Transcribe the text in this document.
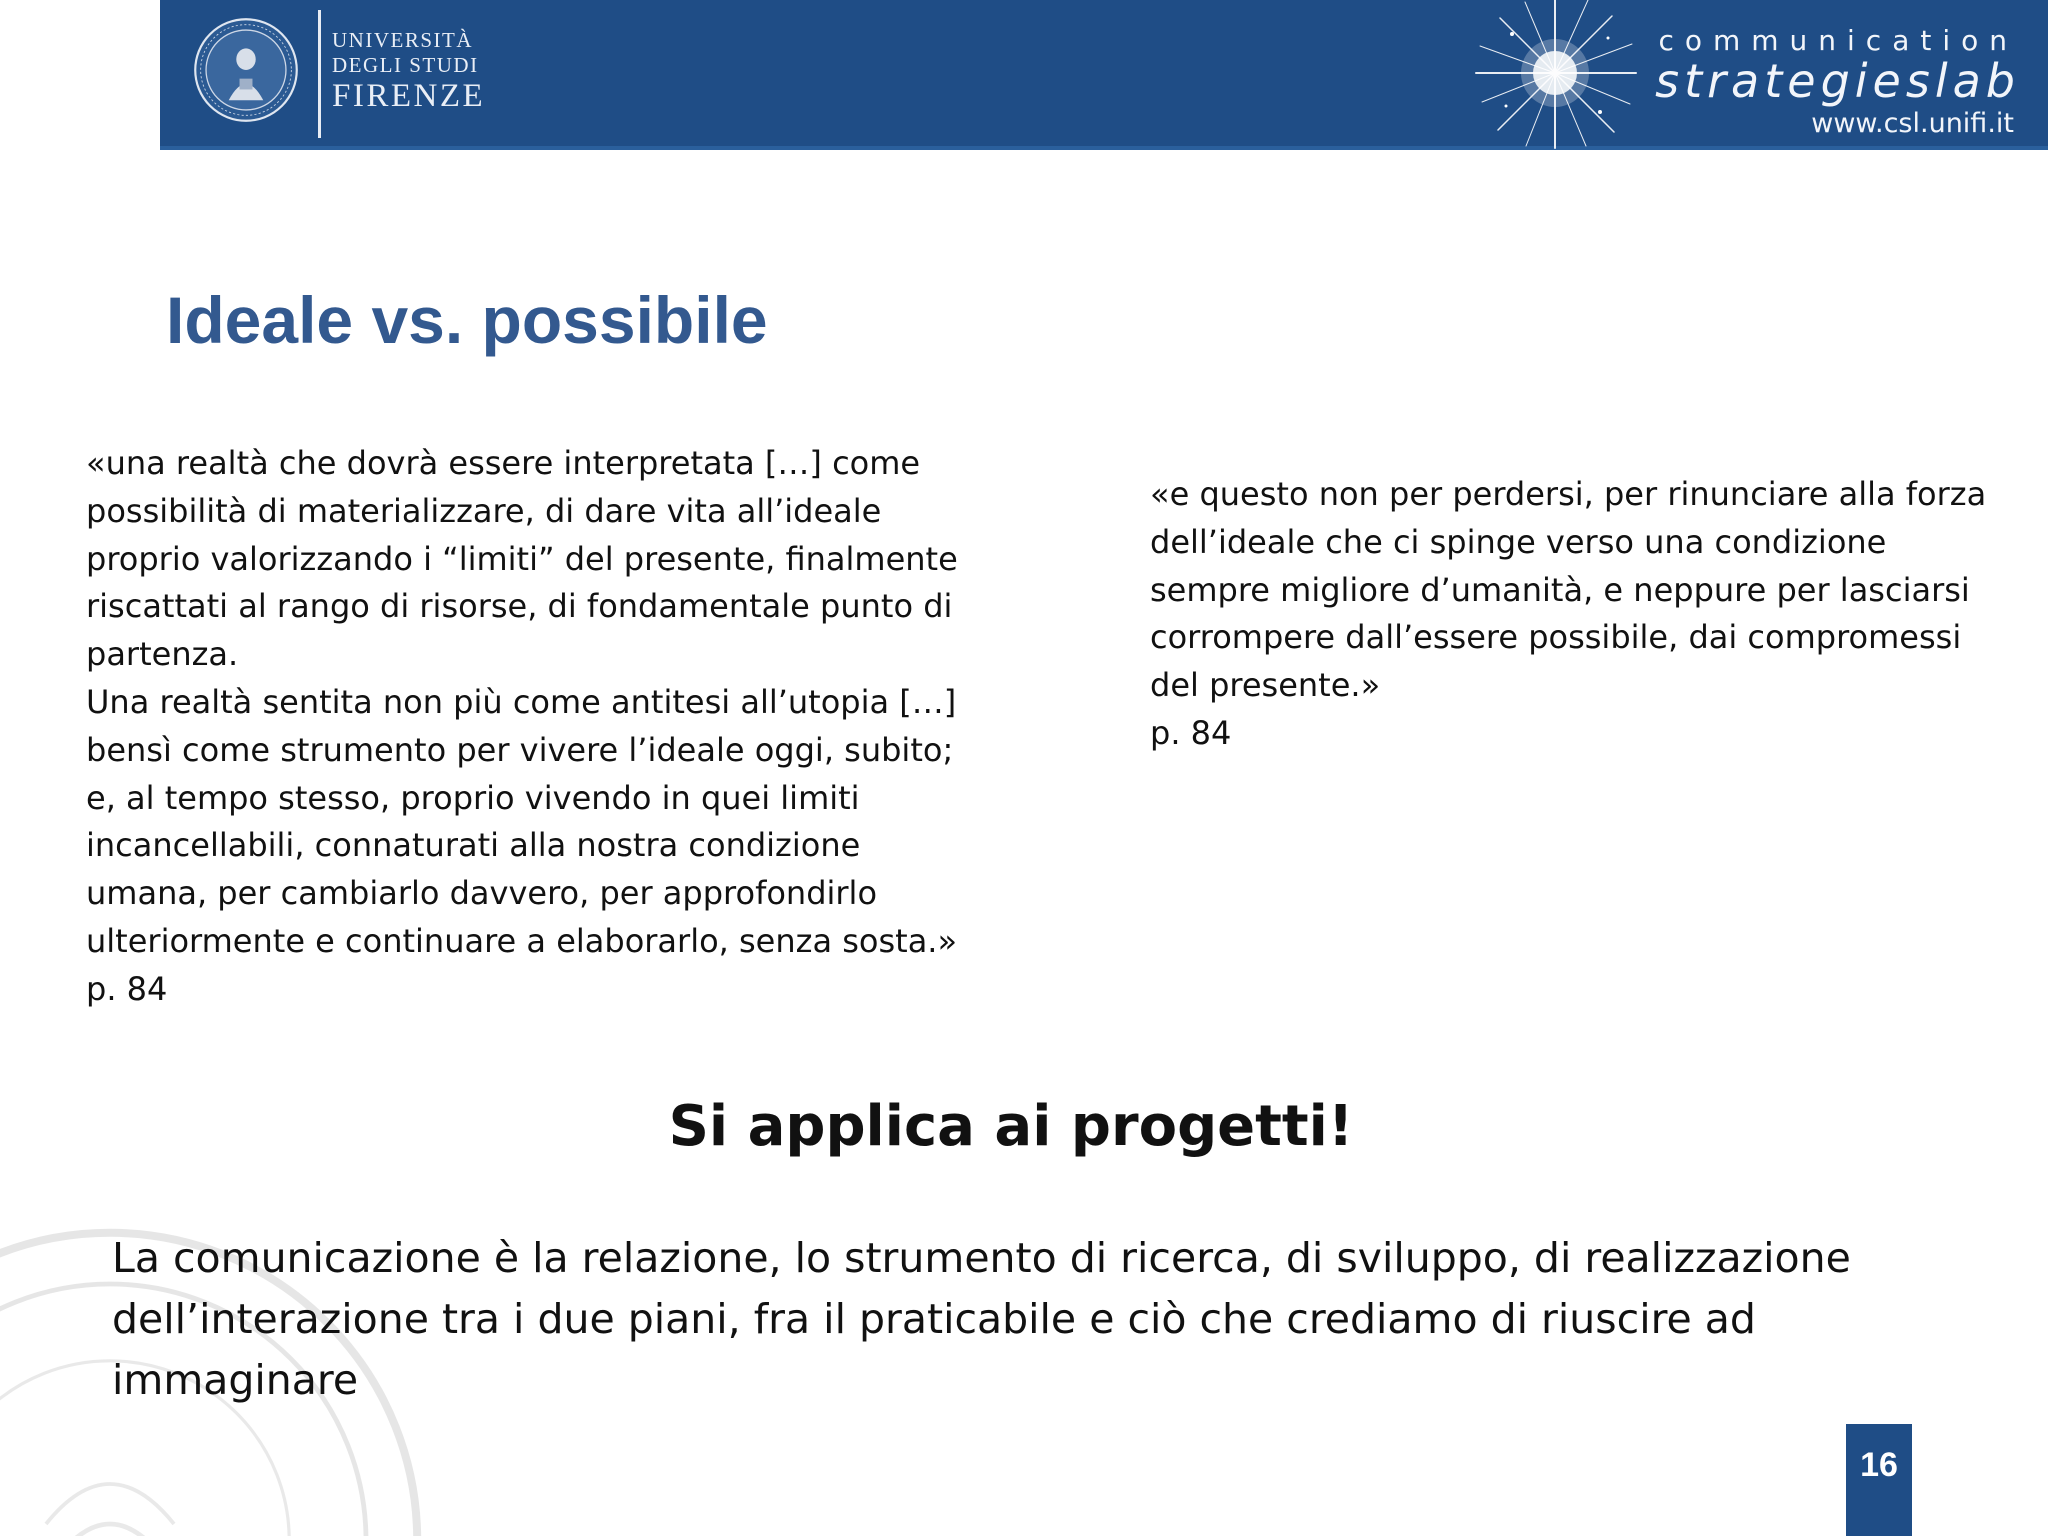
UNIVERSITÀ
DEGLI STUDI
FIRENZE
communication
strategieslab
www.csl.unifi.it
Ideale vs. possibile

«una realtà che dovrà essere interpretata […] come possibilità di materializzare, di dare vita all’ideale proprio valorizzando i “limiti” del presente, finalmente riscattati al rango di risorse, di fondamentale punto di partenza.

Una realtà sentita non più come antitesi all’utopia […] bensì come strumento per vivere l’ideale oggi, subito; e, al tempo stesso, proprio vivendo in quei limiti incancellabili, connaturati alla nostra condizione umana, per cambiarlo davvero, per approfondirlo ulteriormente e continuare a elaborarlo, senza sosta.»

p. 84

«e questo non per perdersi, per rinunciare alla forza dell’ideale che ci spinge verso una condizione sempre migliore d’umanità, e neppure per lasciarsi corrompere dall’essere possibile, dai compromessi del presente.»

p. 84

Si applica ai progetti!

La comunicazione è la relazione, lo strumento di ricerca, di sviluppo, di realizzazione dell’interazione tra i due piani, fra il praticabile e ciò che crediamo di riuscire ad immaginare

16
